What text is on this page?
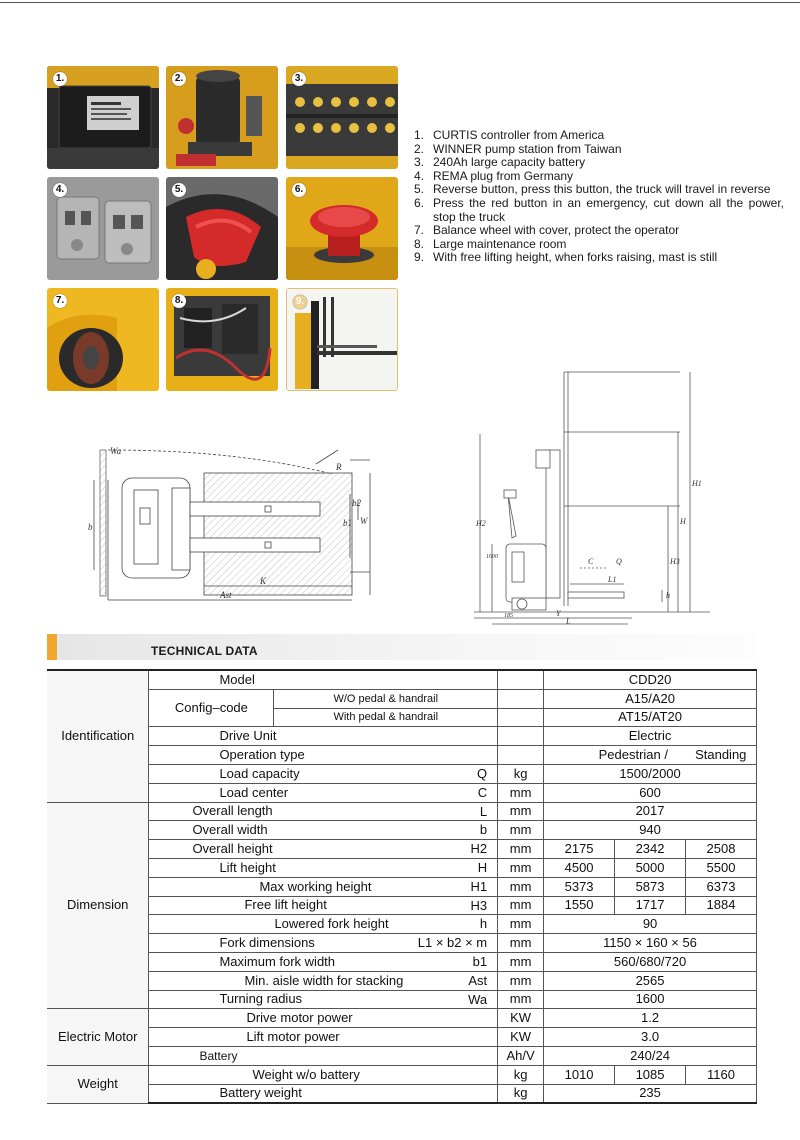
1.	2.	3.
4.	5.	6.
7.	8.	9.
1. CURTIS controller from America
2. WINNER pump station from Taiwan
3. 240Ah large capacity battery
4. REMA plug from Germany
5. Reverse button, press this button, the truck will travel in reverse
6. Press the red button in an emergency, cut down all the power, stop the truck
7. Balance wheel with cover, protect the operator
8. Large maintenance room
9. With free lifting height, when forks raising, mast is still
Wa
R
b
b2
b1 W
K
Ast
H1
H2	H
H3
1600	C	Q
L1
h
Y
L
185
TECHNICAL DATA
Identification	Model			CDD20		
	Config–code	W/O pedal & handrail		A15/A20		
		With pedal & handrail		AT15/AT20		
	Drive Unit			Electric		
	Operation type			Pedestrian /		Standing
	Load capacity Q		kg	1500/2000		
	Load center C		mm	600		
Dimension	Overall length L		mm	2017		
	Overall width b		mm	940		
	Overall height H2		mm	2175	2342	2508
	Lift height H		mm	4500	5000	5500
	Max working height H1		mm	5373	5873	6373
	Free lift height H3		mm	1550	1717	1884
	Lowered fork height h		mm	90		
	Fork dimensions L1 × b2 × m		mm	1150 × 160 × 56		
	Maximum fork width b1		mm	560/680/720		
	Min. aisle width for stacking Ast		mm	2565		
	Turning radius Wa		mm	1600		
Electric Motor	Drive motor power		KW	1.2		
	Lift motor power		KW	3.0		
	Battery		Ah/V	240/24		
Weight	Weight w/o battery		kg	1010	1085	1160
	Battery weight		kg	235		
